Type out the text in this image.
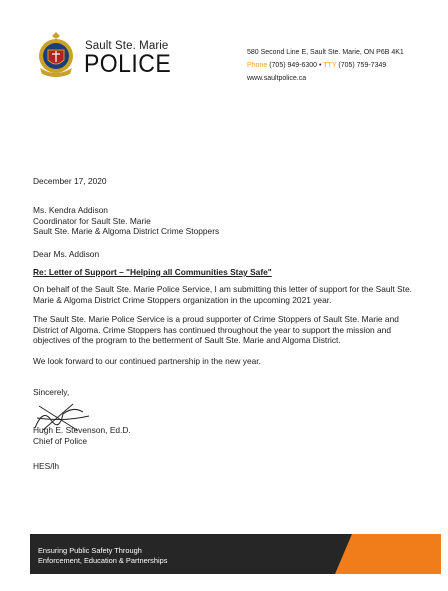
Sault Ste. Marie
POLICE	580 Second Line E, Sault Ste. Marie, ON P6B 4K1
Phone (705) 949-6300 • TTY (705) 759-7349
www.saultpolice.ca

December 17, 2020

Ms. Kendra Addison
Coordinator for Sault Ste. Marie
Sault Ste. Marie & Algoma District Crime Stoppers

Dear Ms. Addison

Re: Letter of Support – "Helping all Communities Stay Safe"

On behalf of the Sault Ste. Marie Police Service, I am submitting this letter of support for the Sault Ste. Marie & Algoma District Crime Stoppers organization in the upcoming 2021 year.

The Sault Ste. Marie Police Service is a proud supporter of Crime Stoppers of Sault Ste. Marie and District of Algoma. Crime Stoppers has continued throughout the year to support the mission and objectives of the program to the betterment of Sault Ste. Marie and Algoma District.

We look forward to our continued partnership in the new year.

Sincerely,

Hugh E. Stevenson, Ed.D.
Chief of Police

HES/lh

Ensuring Public Safety Through
Enforcement, Education & Partnerships
